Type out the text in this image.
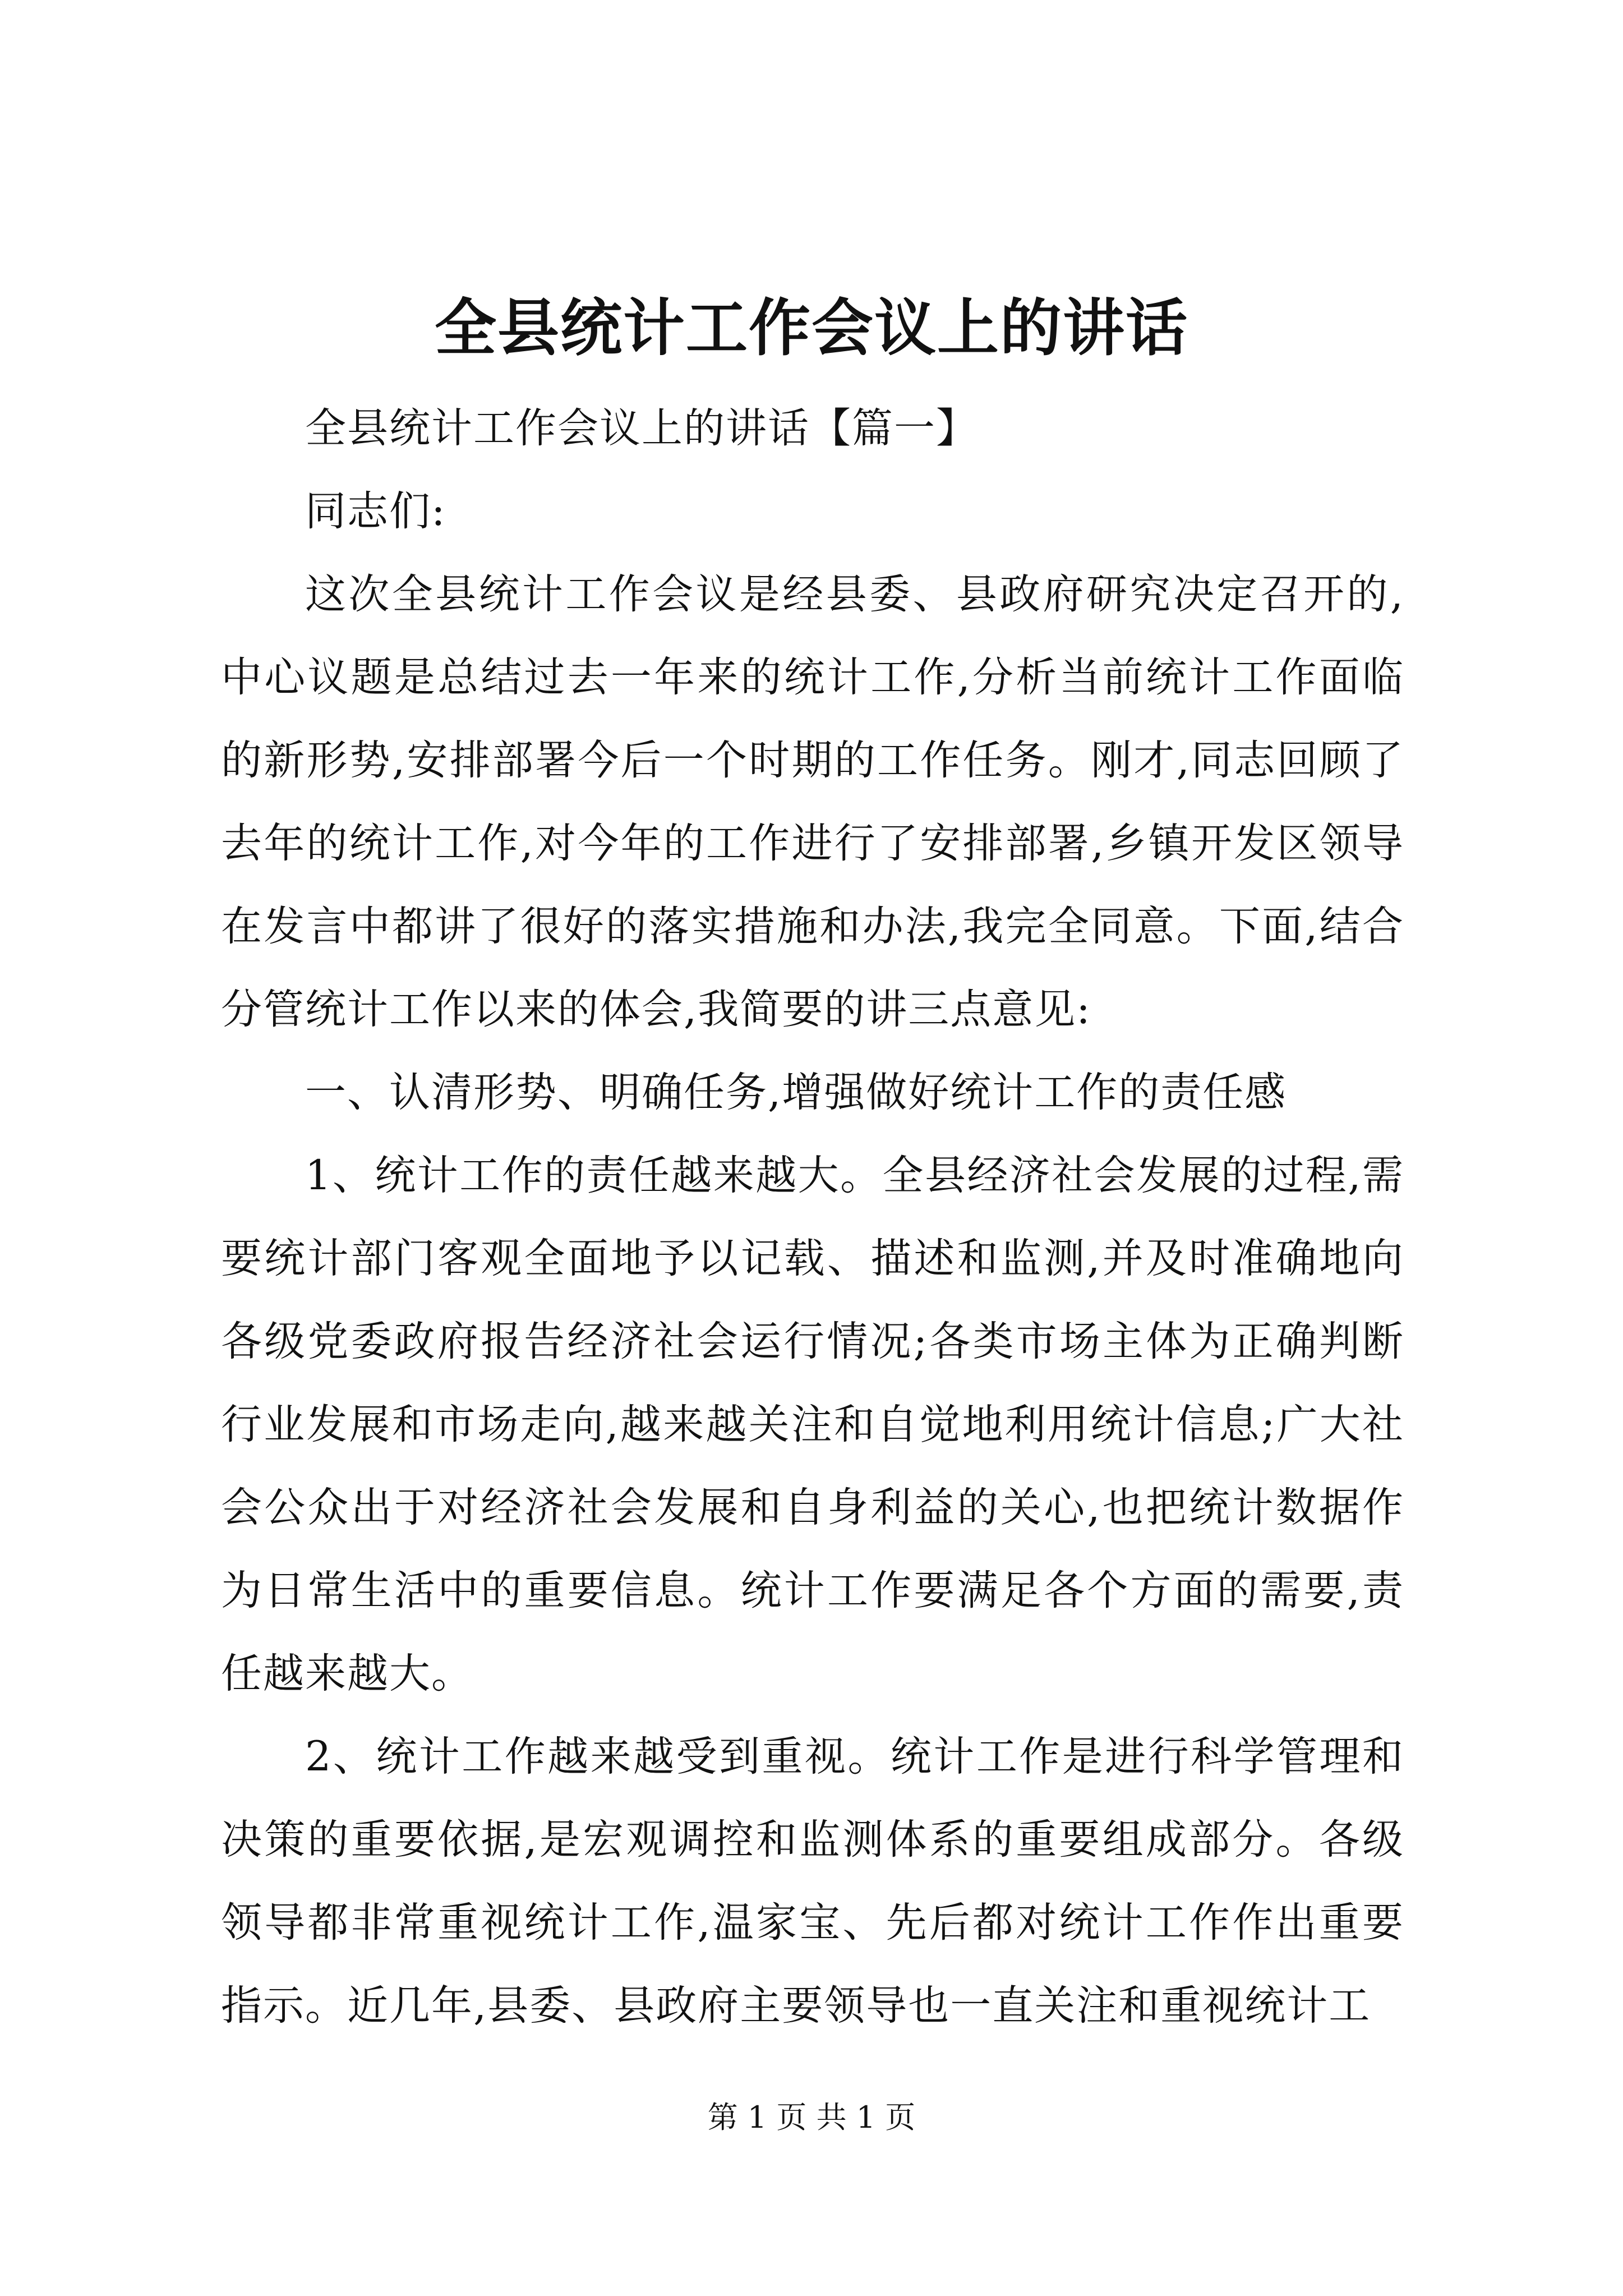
全县统计工作会议上的讲话

全县统计工作会议上的讲话【篇一】

同志们:

这次全县统计工作会议是经县委、县政府研究决定召开的,中心议题是总结过去一年来的统计工作,分析当前统计工作面临的新形势,安排部署今后一个时期的工作任务。刚才,同志回顾了去年的统计工作,对今年的工作进行了安排部署,乡镇开发区领导在发言中都讲了很好的落实措施和办法,我完全同意。下面,结合分管统计工作以来的体会,我简要的讲三点意见:

一、认清形势、明确任务,增强做好统计工作的责任感

1、统计工作的责任越来越大。全县经济社会发展的过程,需要统计部门客观全面地予以记载、描述和监测,并及时准确地向各级党委政府报告经济社会运行情况;各类市场主体为正确判断行业发展和市场走向,越来越关注和自觉地利用统计信息;广大社会公众出于对经济社会发展和自身利益的关心,也把统计数据作为日常生活中的重要信息。统计工作要满足各个方面的需要,责任越来越大。

2、统计工作越来越受到重视。统计工作是进行科学管理和决策的重要依据,是宏观调控和监测体系的重要组成部分。各级领导都非常重视统计工作,温家宝、先后都对统计工作作出重要指示。近几年,县委、县政府主要领导也一直关注和重视统计工

第 1 页 共 1 页
